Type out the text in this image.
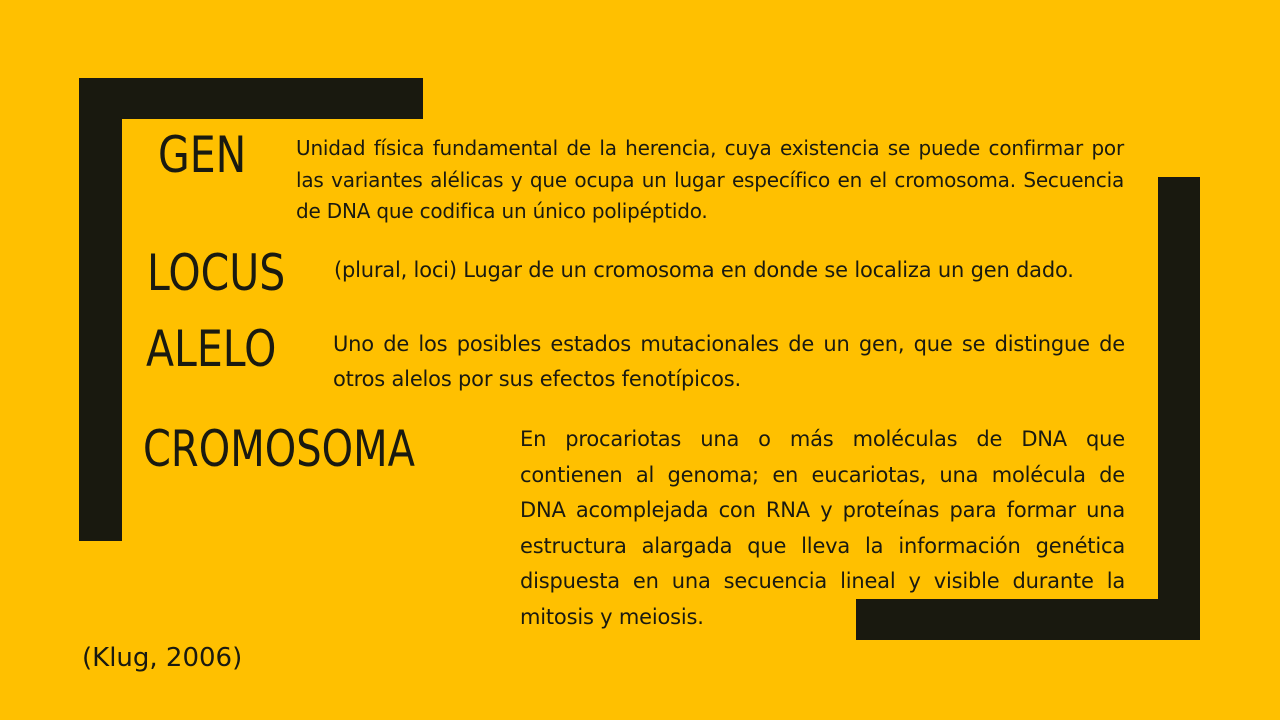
GEN Unidad física fundamental de la herencia, cuya existencia se puede confirmar por las variantes alélicas y que ocupa un lugar específico en el cromosoma. Secuencia de DNA que codifica un único polipéptido.
LOCUS (plural, loci) Lugar de un cromosoma en donde se localiza un gen dado.
ALELO	Uno de los posibles estados mutacionales de un gen, que se distingue de otros alelos por sus efectos fenotípicos.
CROMOSOMA	En procariotas una o más moléculas de DNA que contienen al genoma; en eucariotas, una molécula de DNA acomplejada con RNA y proteínas para formar una estructura alargada que lleva la información genética dispuesta en una secuencia lineal y visible durante la mitosis y meiosis.
(Klug, 2006)
